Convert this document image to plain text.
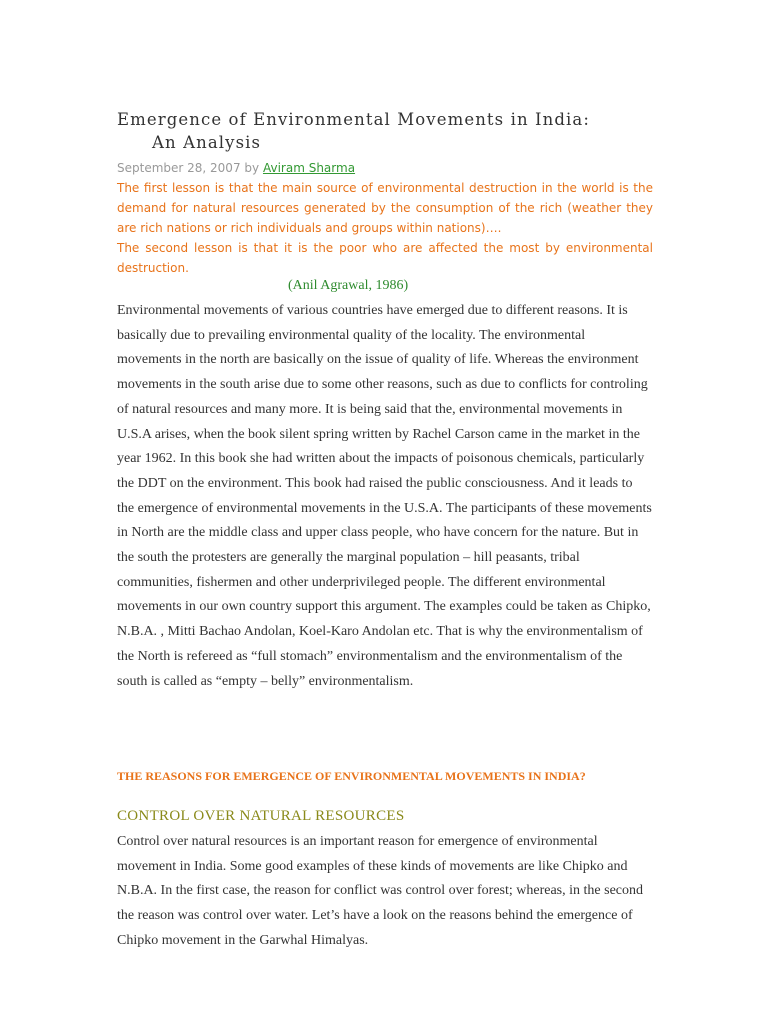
Emergence of Environmental Movements in India:
An Analysis
September 28, 2007 by Aviram Sharma

The first lesson is that the main source of environmental destruction in the world is the demand for natural resources generated by the consumption of the rich (weather they are rich nations or rich individuals and groups within nations)….

The second lesson is that it is the poor who are affected the most by environmental destruction.

(Anil Agrawal, 1986)

Environmental movements of various countries have emerged due to different reasons. It is basically due to prevailing environmental quality of the locality. The environmental movements in the north are basically on the issue of quality of life. Whereas the environment movements in the south arise due to some other reasons, such as due to conflicts for controling of natural resources and many more. It is being said that the, environmental movements in U.S.A arises, when the book silent spring written by Rachel Carson came in the market in the year 1962. In this book she had written about the impacts of poisonous chemicals, particularly the DDT on the environment. This book had raised the public consciousness. And it leads to the emergence of environmental movements in the U.S.A. The participants of these movements in North are the middle class and upper class people, who have concern for the nature. But in the south the protesters are generally the marginal population – hill peasants, tribal communities, fishermen and other underprivileged people. The different environmental movements in our own country support this argument. The examples could be taken as Chipko, N.B.A. , Mitti Bachao Andolan, Koel-Karo Andolan etc. That is why the environmentalism of the North is refereed as “full stomach” environmentalism and the environmentalism of the south is called as “empty – belly” environmentalism.

THE REASONS FOR EMERGENCE OF ENVIRONMENTAL MOVEMENTS IN INDIA?
CONTROL OVER NATURAL RESOURCES

Control over natural resources is an important reason for emergence of environmental movement in India. Some good examples of these kinds of movements are like Chipko and N.B.A. In the first case, the reason for conflict was control over forest; whereas, in the second the reason was control over water. Let’s have a look on the reasons behind the emergence of Chipko movement in the Garwhal Himalyas.
